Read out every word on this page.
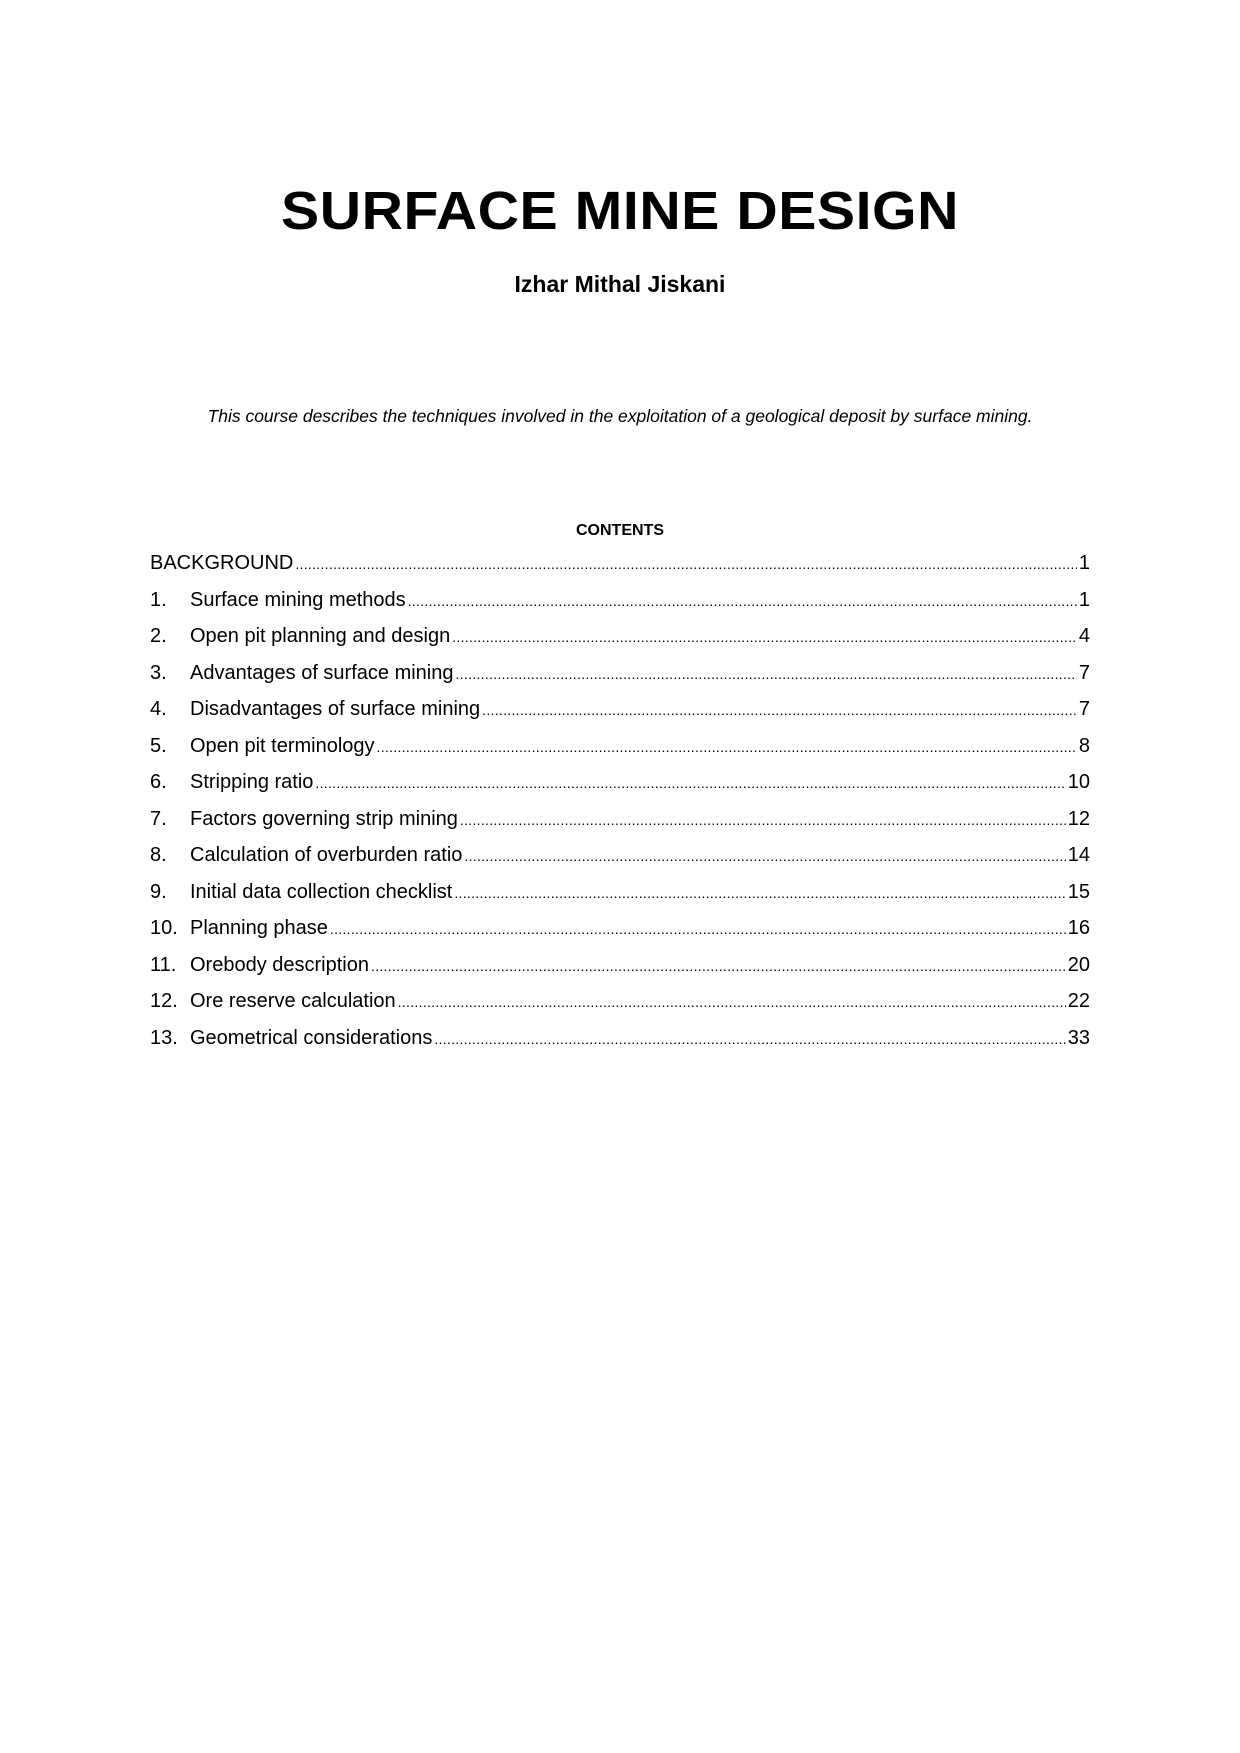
SURFACE MINE DESIGN
Izhar Mithal Jiskani
This course describes the techniques involved in the exploitation of a geological deposit by surface mining.
CONTENTS
BACKGROUND .....	1
1.	Surface mining methods .....	1
2.	Open pit planning and design .....	4
3.	Advantages of surface mining .....	7
4.	Disadvantages of surface mining .....	7
5.	Open pit terminology .....	8
6.	Stripping ratio .....	10
7.	Factors governing strip mining .....	12
8.	Calculation of overburden ratio .....	14
9.	Initial data collection checklist .....	15
10. Planning phase .....	16
11. Orebody description .....	20
12. Ore reserve calculation .....	22
13. Geometrical considerations .....	33
